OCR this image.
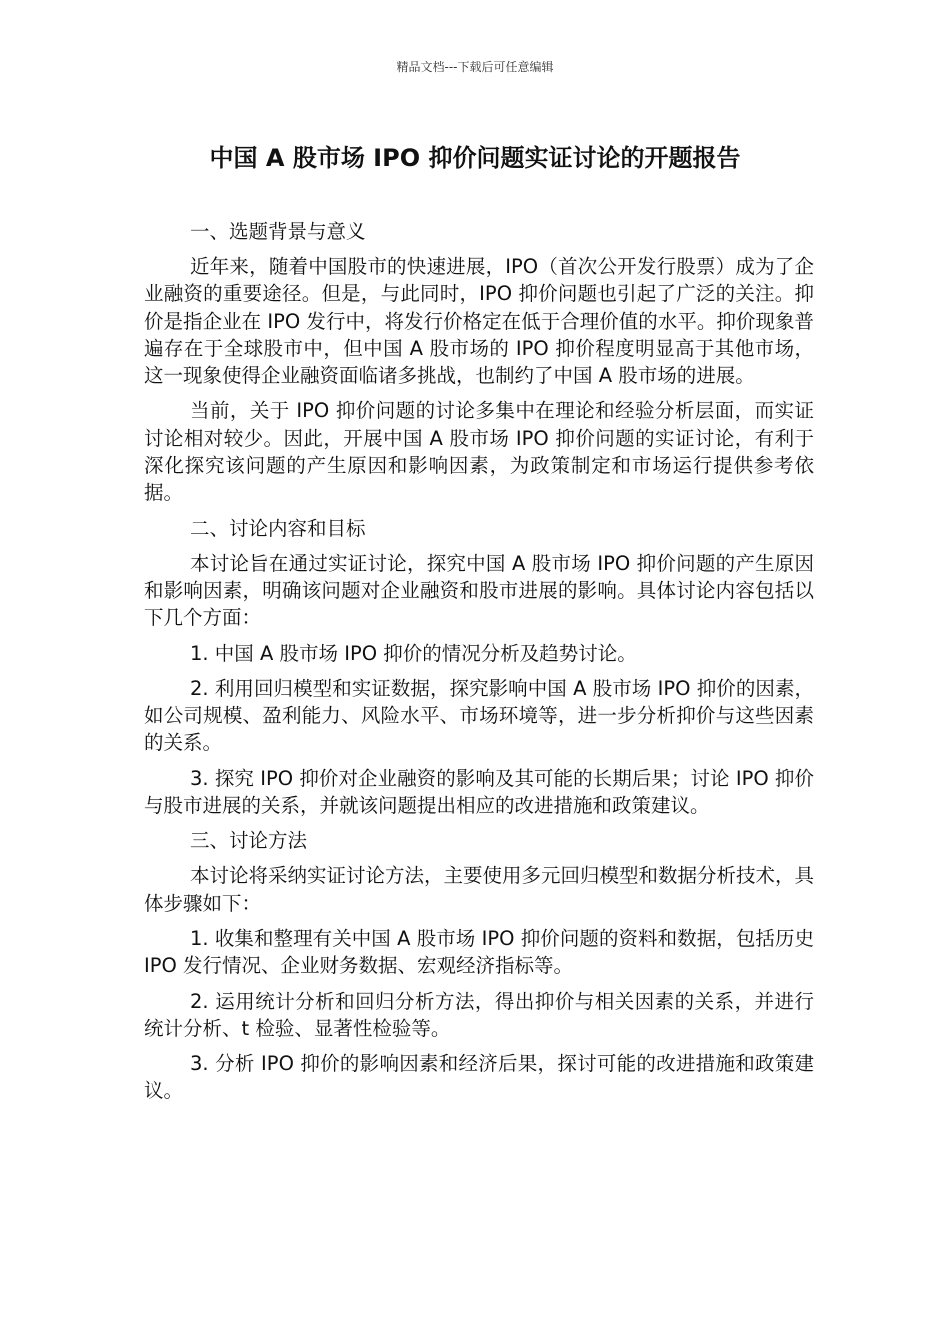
精品文档---下载后可任意编辑
中国 A 股市场 IPO 抑价问题实证讨论的开题报告

一、选题背景与意义

近年来，随着中国股市的快速进展，IPO（首次公开发行股票）成为了企业融资的重要途径。但是，与此同时，IPO 抑价问题也引起了广泛的关注。抑价是指企业在 IPO 发行中，将发行价格定在低于合理价值的水平。抑价现象普遍存在于全球股市中，但中国 A 股市场的 IPO 抑价程度明显高于其他市场，这一现象使得企业融资面临诸多挑战，也制约了中国 A 股市场的进展。

当前，关于 IPO 抑价问题的讨论多集中在理论和经验分析层面，而实证讨论相对较少。因此，开展中国 A 股市场 IPO 抑价问题的实证讨论，有利于深化探究该问题的产生原因和影响因素，为政策制定和市场运行提供参考依据。

二、讨论内容和目标

本讨论旨在通过实证讨论，探究中国 A 股市场 IPO 抑价问题的产生原因和影响因素，明确该问题对企业融资和股市进展的影响。具体讨论内容包括以下几个方面：

1. 中国 A 股市场 IPO 抑价的情况分析及趋势讨论。

2. 利用回归模型和实证数据，探究影响中国 A 股市场 IPO 抑价的因素，如公司规模、盈利能力、风险水平、市场环境等，进一步分析抑价与这些因素的关系。

3. 探究 IPO 抑价对企业融资的影响及其可能的长期后果；讨论 IPO 抑价与股市进展的关系，并就该问题提出相应的改进措施和政策建议。

三、讨论方法

本讨论将采纳实证讨论方法，主要使用多元回归模型和数据分析技术，具体步骤如下：

1. 收集和整理有关中国 A 股市场 IPO 抑价问题的资料和数据，包括历史 IPO 发行情况、企业财务数据、宏观经济指标等。

2. 运用统计分析和回归分析方法，得出抑价与相关因素的关系，并进行统计分析、t 检验、显著性检验等。

3. 分析 IPO 抑价的影响因素和经济后果，探讨可能的改进措施和政策建议。
